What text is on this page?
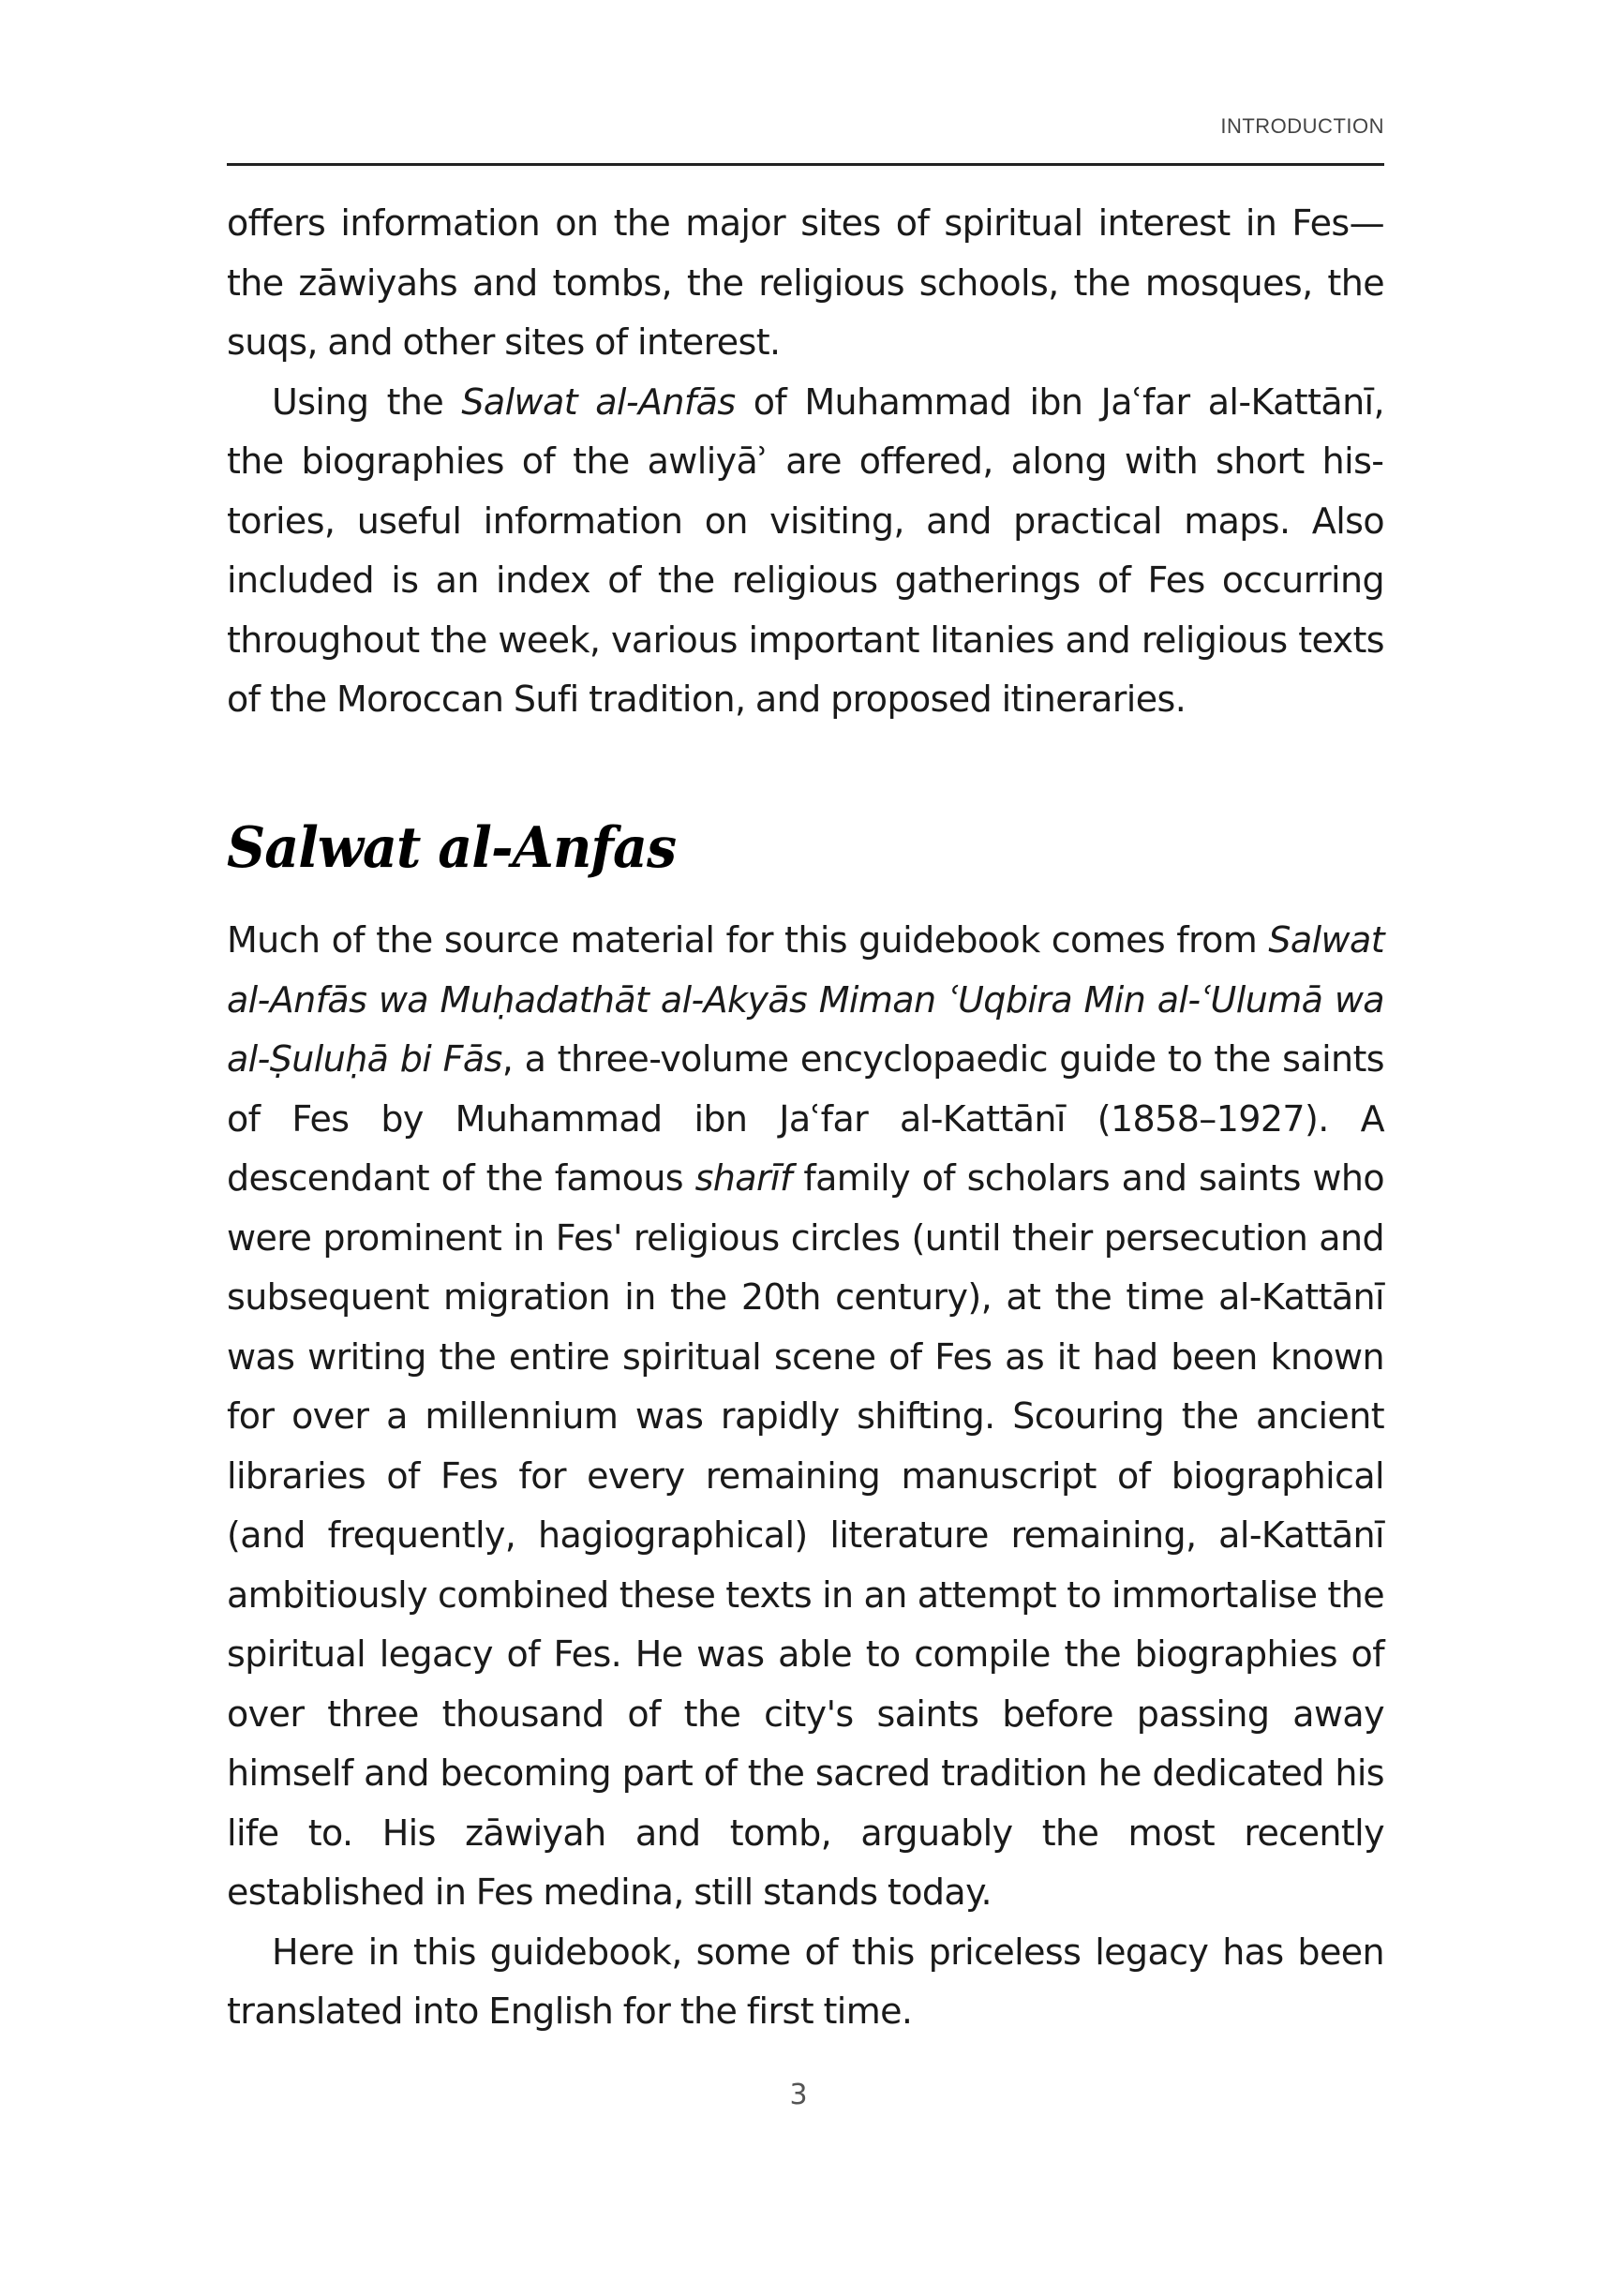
INTRODUCTION

offers information on the major sites of spiritual interest in Fes—the zāwiyahs and tombs, the religious schools, the mosques, the suqs, and other sites of interest.

Using the Salwat al-Anfās of Muhammad ibn Jaʿfar al-Kattānī, the biographies of the awliyāʾ are offered, along with short histories, useful information on visiting, and practical maps. Also included is an index of the religious gatherings of Fes occurring throughout the week, various important litanies and religious texts of the Moroccan Sufi tradition, and proposed itineraries.

Salwat al-Anfas

Much of the source material for this guidebook comes from Salwat al-Anfās wa Muḥadathāt al-Akyās Miman ʿUqbira Min al-ʿUlumā wa al-Ṣuluḥā bi Fās, a three-volume encyclopaedic guide to the saints of Fes by Muhammad ibn Jaʿfar al-Kattānī (1858–1927). A descendant of the famous sharīf family of scholars and saints who were prominent in Fes' religious circles (until their persecution and subsequent migration in the 20th century), at the time al-Kattānī was writing the entire spiritual scene of Fes as it had been known for over a millennium was rapidly shifting. Scouring the ancient libraries of Fes for every remaining manuscript of biographical (and frequently, hagiographical) literature remaining, al-Kattānī ambitiously combined these texts in an attempt to immortalise the spiritual legacy of Fes. He was able to compile the biographies of over three thousand of the city's saints before passing away himself and becoming part of the sacred tradition he dedicated his life to. His zāwiyah and tomb, arguably the most recently established in Fes medina, still stands today.

Here in this guidebook, some of this priceless legacy has been translated into English for the first time.

3
